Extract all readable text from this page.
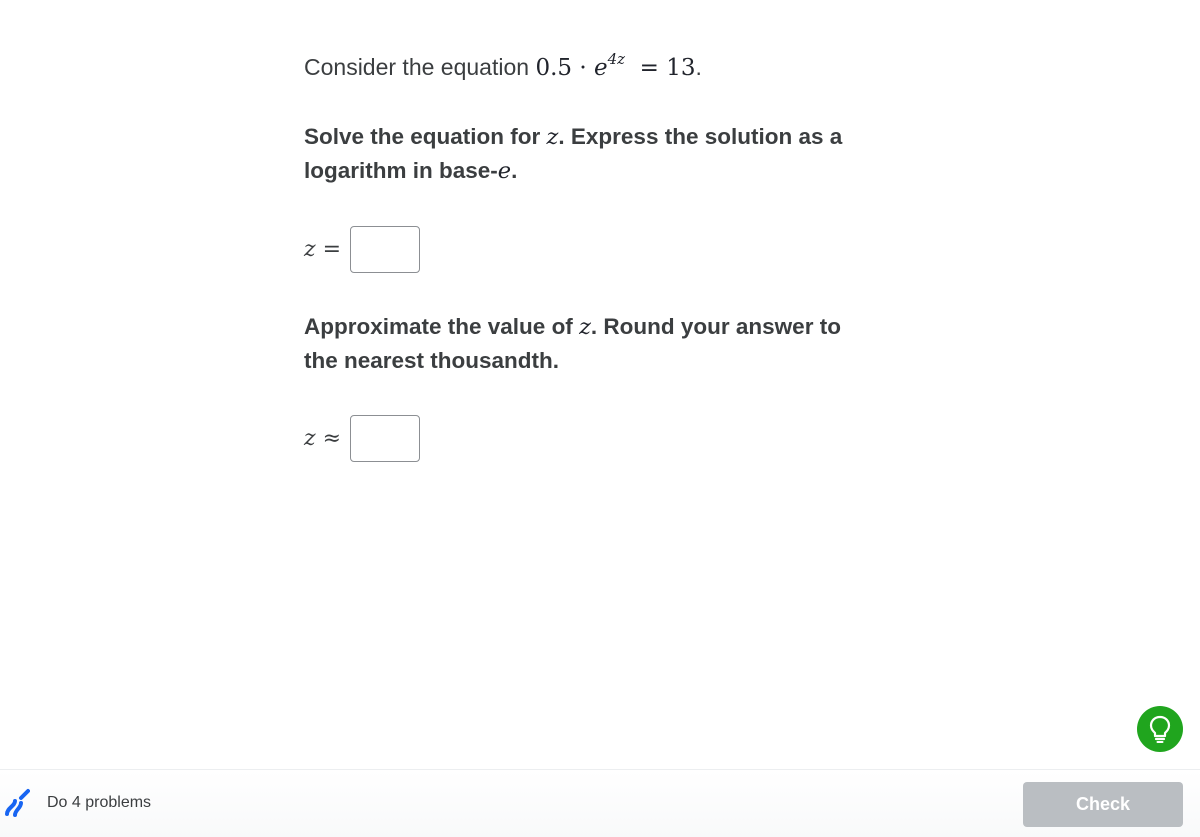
Consider the equation $0.5 \cdot e^{4z} = 13$.
Solve the equation for z. Express the solution as a logarithm in base-e.
z =
Approximate the value of z. Round your answer to the nearest thousandth.
z ≈
Do 4 problems	Check
